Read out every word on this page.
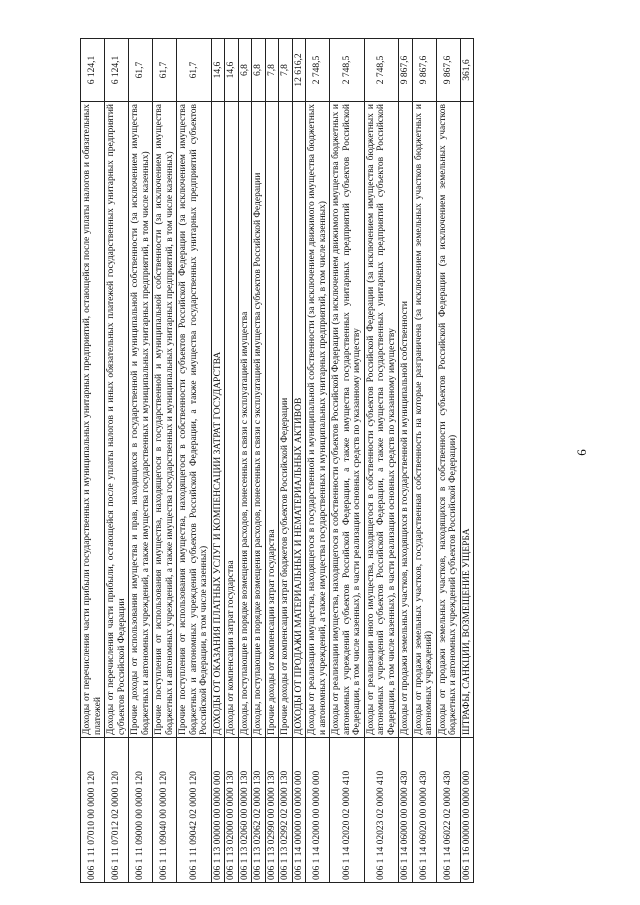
6
006 1 11 07010 00 0000 120	Доходы от перечисления части прибыли государственных и муниципальных унитарных предприятий, остающейся после уплаты налогов и обязательных платежей	6 124,1
006 1 11 07012 02 0000 120	Доходы от перечисления части прибыли, остающейся после уплаты налогов и иных обязательных платежей государственных унитарных предприятий субъектов Российской Федерации	6 124,1
006 1 11 09000 00 0000 120	Прочие доходы от использования имущества и прав, находящихся в государственной и муниципальной собственности (за исключением имущества бюджетных и автономных учреждений, а также имущества государственных и муниципальных унитарных предприятий, в том числе казенных)	61,7
006 1 11 09040 00 0000 120	Прочие поступления от использования имущества, находящегося в государственной и муниципальной собственности (за исключением имущества бюджетных и автономных учреждений, а также имущества государственных и муниципальных унитарных предприятий, в том числе казенных)	61,7
006 1 11 09042 02 0000 120	Прочие поступления от использования имущества, находящегося в собственности субъектов Российской Федерации (за исключением имущества бюджетных и автономных учреждений субъектов Российской Федерации, а также имущества государственных унитарных предприятий субъектов Российской Федерации, в том числе казенных)	61,7
006 1 13 00000 00 0000 000	ДОХОДЫ ОТ ОКАЗАНИЯ ПЛАТНЫХ УСЛУГ И КОМПЕНСАЦИИ ЗАТРАТ ГОСУДАРСТВА	14,6
006 1 13 02000 00 0000 130	Доходы от компенсации затрат государства	14,6
006 1 13 02060 00 0000 130	Доходы, поступающие в порядке возмещения расходов, понесенных в связи с эксплуатацией имущества	6,8
006 1 13 02062 02 0000 130	Доходы, поступающие в порядке возмещения расходов, понесенных в связи с эксплуатацией имущества субъектов Российской Федерации	6,8
006 1 13 02990 00 0000 130	Прочие доходы от компенсации затрат государства	7,8
006 1 13 02992 02 0000 130	Прочие доходы от компенсации затрат бюджетов субъектов Российской Федерации	7,8
006 1 14 00000 00 0000 000	ДОХОДЫ ОТ ПРОДАЖИ МАТЕРИАЛЬНЫХ И НЕМАТЕРИАЛЬНЫХ АКТИВОВ	12 616,2
006 1 14 02000 00 0000 000	Доходы от реализации имущества, находящегося в государственной и муниципальной собственности (за исключением движимого имущества бюджетных и автономных учреждений, а также имущества государственных и муниципальных унитарных предприятий, в том числе казенных)	2 748,5
006 1 14 02020 02 0000 410	Доходы от реализации имущества, находящегося в собственности субъектов Российской Федерации (за исключением движимого имущества бюджетных и автономных учреждений субъектов Российской Федерации, а также имущества государственных унитарных предприятий субъектов Российской Федерации, в том числе казенных), в части реализации основных средств по указанному имуществу	2 748,5
006 1 14 02023 02 0000 410	Доходы от реализации иного имущества, находящегося в собственности субъектов Российской Федерации (за исключением имущества бюджетных и автономных учреждений субъектов Российской Федерации, а также имущества государственных унитарных предприятий субъектов Российской Федерации, в том числе казенных), в части реализации основных средств по указанному имуществу	2 748,5
006 1 14 06000 00 0000 430	Доходы от продажи земельных участков, находящихся в государственной и муниципальной собственности	9 867,6
006 1 14 06020 00 0000 430	Доходы от продажи земельных участков, государственная собственность на которые разграничена (за исключением земельных участков бюджетных и автономных учреждений)	9 867,6
006 1 14 06022 02 0000 430	Доходы от продажи земельных участков, находящихся в собственности субъектов Российской Федерации (за исключением земельных участков бюджетных и автономных учреждений субъектов Российской Федерации)	9 867,6
006 1 16 00000 00 0000 000	ШТРАФЫ, САНКЦИИ, ВОЗМЕЩЕНИЕ УЩЕРБА	361,6
